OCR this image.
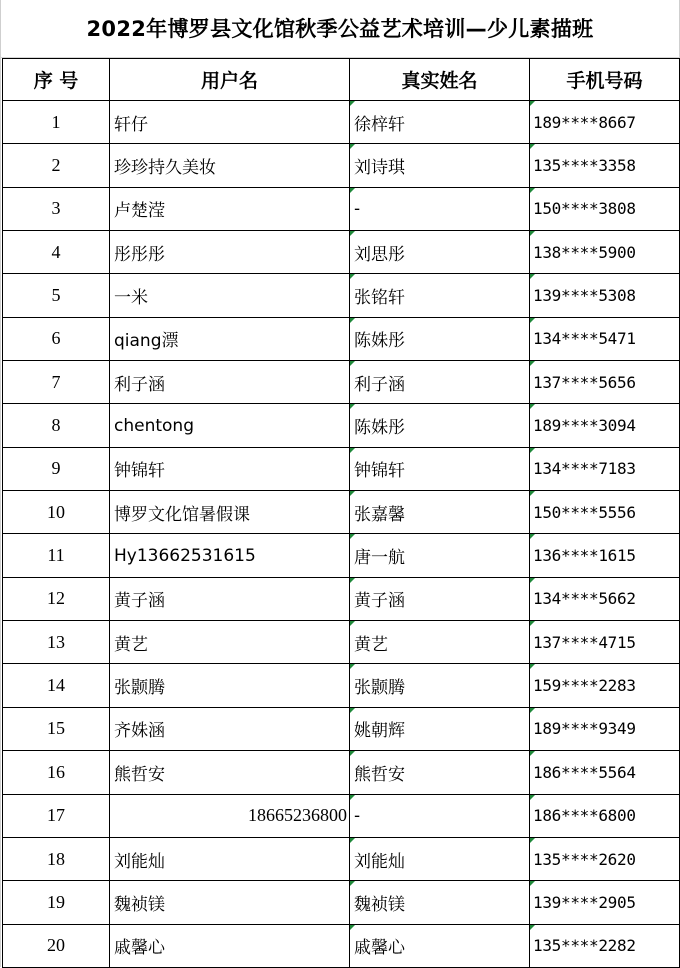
2022年博罗县文化馆秋季公益艺术培训—少儿素描班
序 号	用户名	真实姓名	手机号码
1	轩仔	徐梓轩	189****8667
2	珍珍持久美妆	刘诗琪	135****3358
3	卢楚滢	-	150****3808
4	彤彤彤	刘思彤	138****5900
5	一米	张铭轩	139****5308
6	qiang漂	陈姝彤	134****5471
7	利子涵	利子涵	137****5656
8	chentong	陈姝彤	189****3094
9	钟锦轩	钟锦轩	134****7183
10	博罗文化馆暑假课	张嘉馨	150****5556
11	Hy13662531615	唐一航	136****1615
12	黄子涵	黄子涵	134****5662
13	黄艺	黄艺	137****4715
14	张颢腾	张颢腾	159****2283
15	齐姝涵	姚朝辉	189****9349
16	熊哲安	熊哲安	186****5564
17	18665236800	-	186****6800
18	刘能灿	刘能灿	135****2620
19	魏祯镁	魏祯镁	139****2905
20	戚馨心	戚馨心	135****2282
